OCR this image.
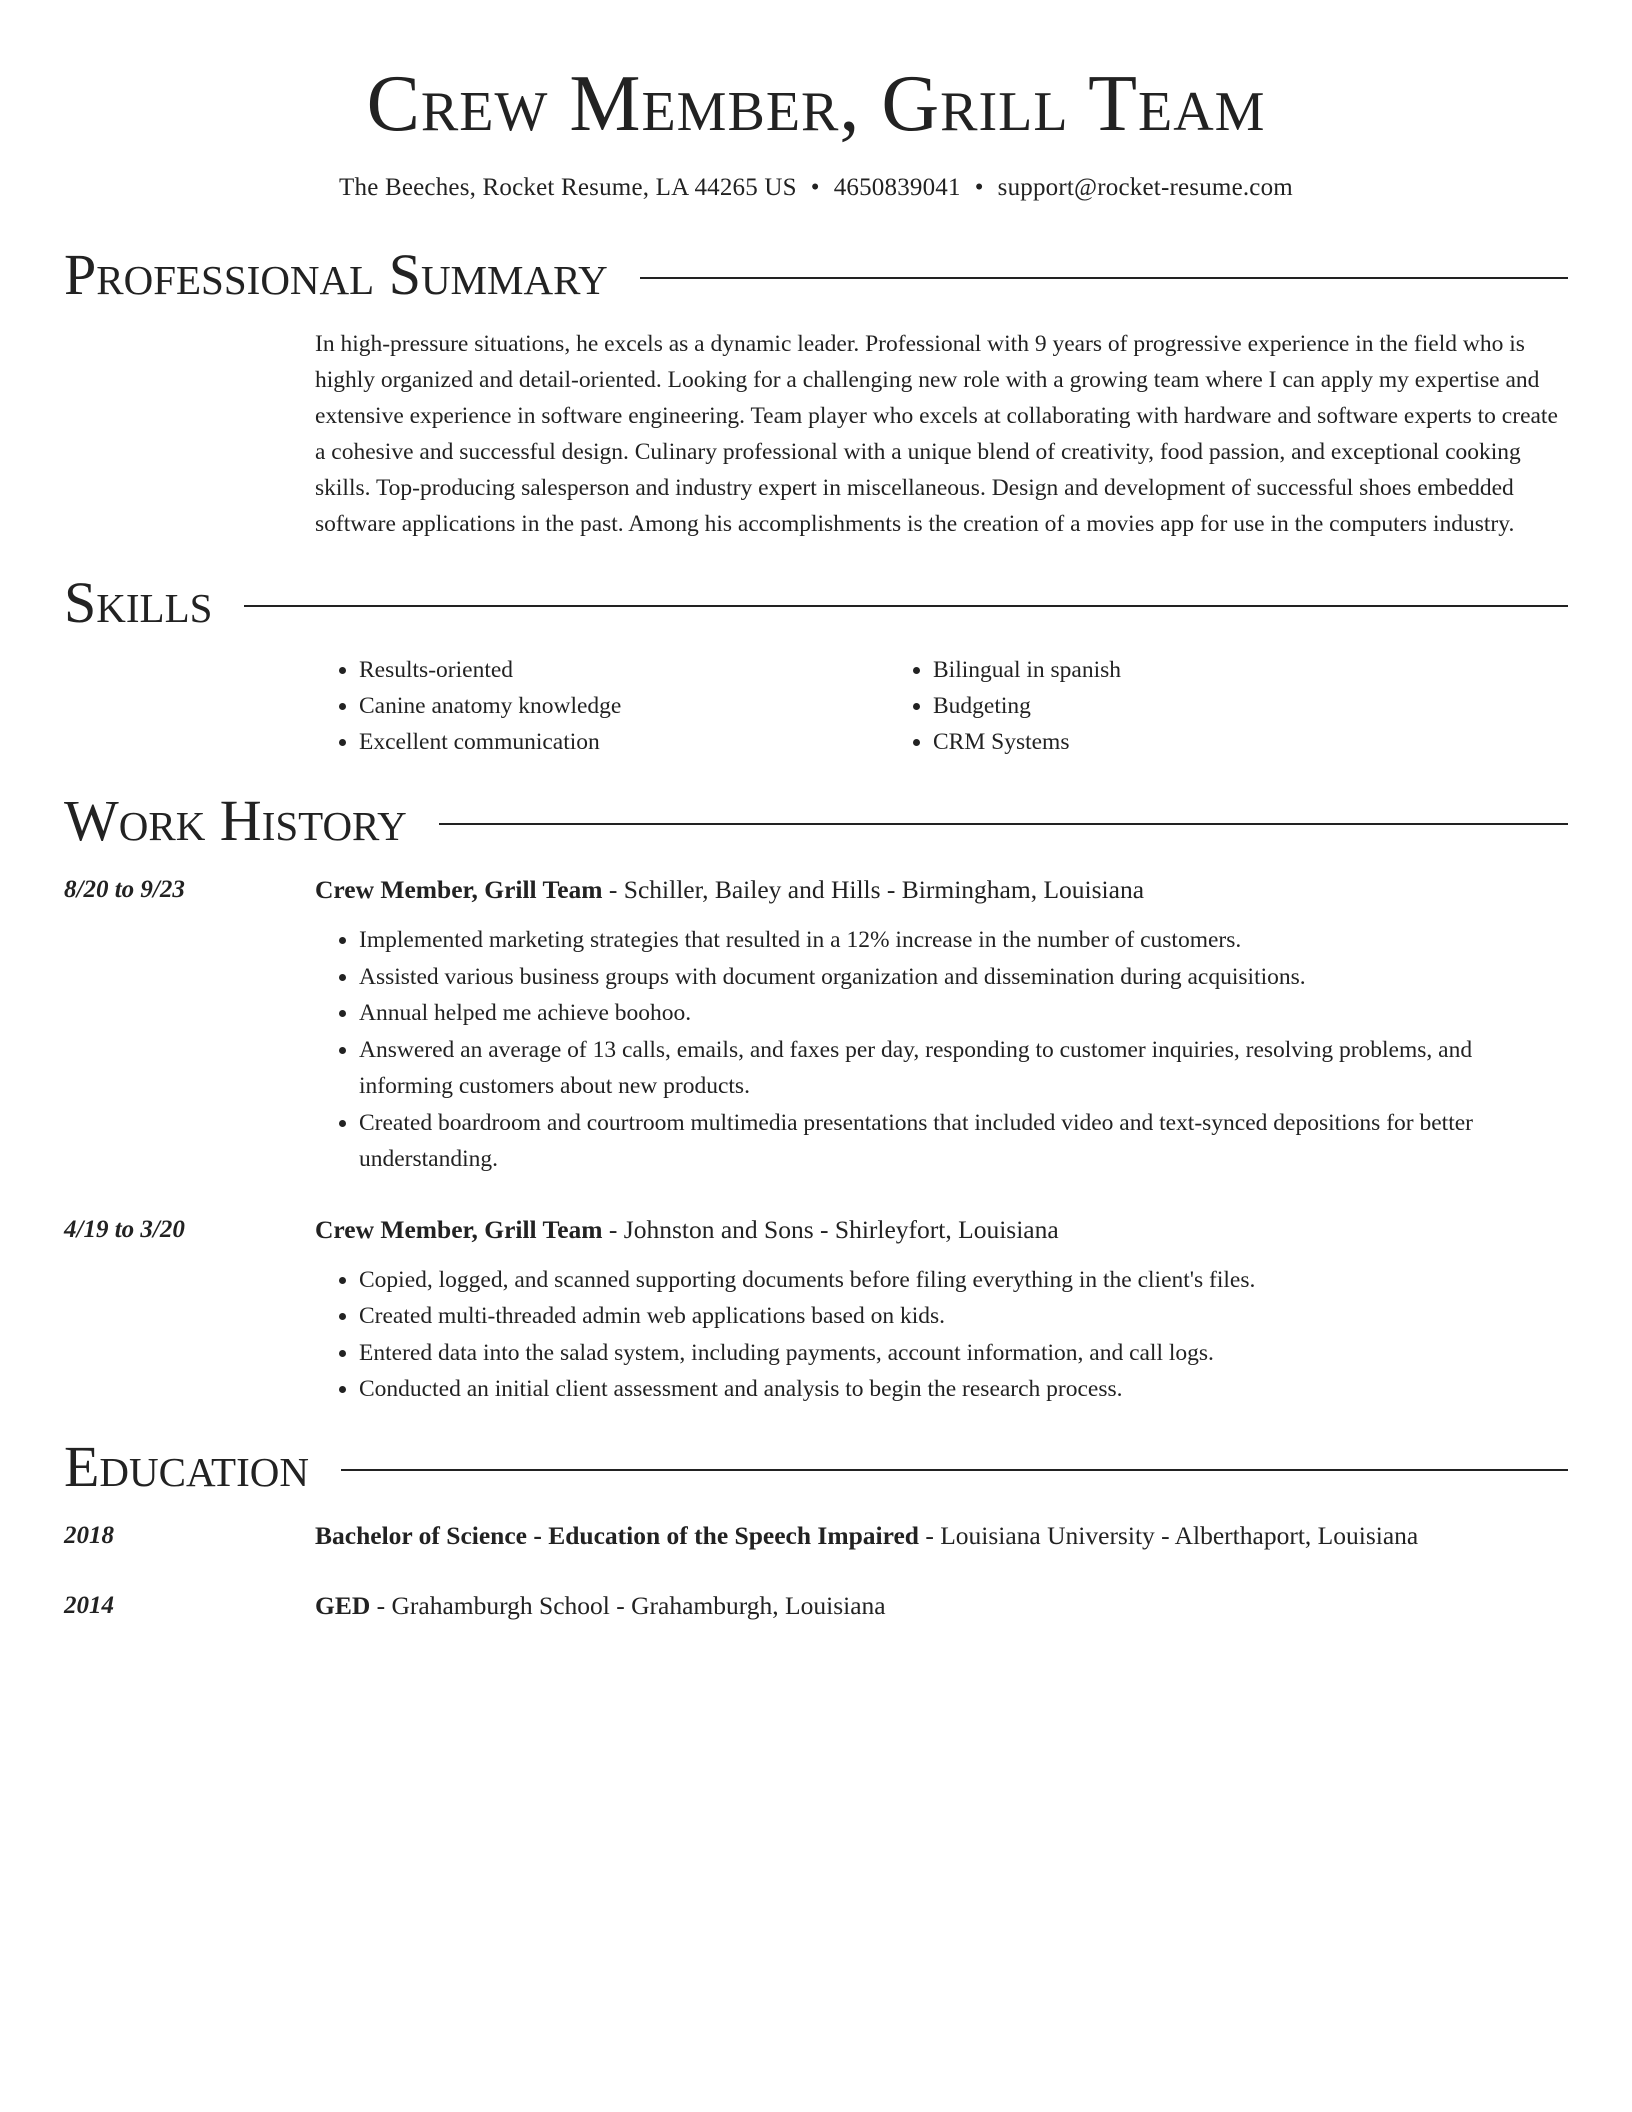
Crew Member, Grill Team
The Beeches, Rocket Resume, LA 44265 US • 4650839041 • support@rocket-resume.com
Professional Summary
In high-pressure situations, he excels as a dynamic leader. Professional with 9 years of progressive experience in the field who is highly organized and detail-oriented. Looking for a challenging new role with a growing team where I can apply my expertise and extensive experience in software engineering. Team player who excels at collaborating with hardware and software experts to create a cohesive and successful design. Culinary professional with a unique blend of creativity, food passion, and exceptional cooking skills. Top-producing salesperson and industry expert in miscellaneous. Design and development of successful shoes embedded software applications in the past. Among his accomplishments is the creation of a movies app for use in the computers industry.
Skills
• Results-oriented
• Canine anatomy knowledge
• Excellent communication
• Bilingual in spanish
• Budgeting
• CRM Systems
Work History
8/20 to 9/23	Crew Member, Grill Team - Schiller, Bailey and Hills - Birmingham, Louisiana
• Implemented marketing strategies that resulted in a 12% increase in the number of customers.
• Assisted various business groups with document organization and dissemination during acquisitions.
• Annual helped me achieve boohoo.
• Answered an average of 13 calls, emails, and faxes per day, responding to customer inquiries, resolving problems, and informing customers about new products.
• Created boardroom and courtroom multimedia presentations that included video and text-synced depositions for better understanding.
4/19 to 3/20	Crew Member, Grill Team - Johnston and Sons - Shirleyfort, Louisiana
• Copied, logged, and scanned supporting documents before filing everything in the client's files.
• Created multi-threaded admin web applications based on kids.
• Entered data into the salad system, including payments, account information, and call logs.
• Conducted an initial client assessment and analysis to begin the research process.
Education
2018	Bachelor of Science - Education of the Speech Impaired - Louisiana University - Alberthaport, Louisiana
2014	GED - Grahamburgh School - Grahamburgh, Louisiana
